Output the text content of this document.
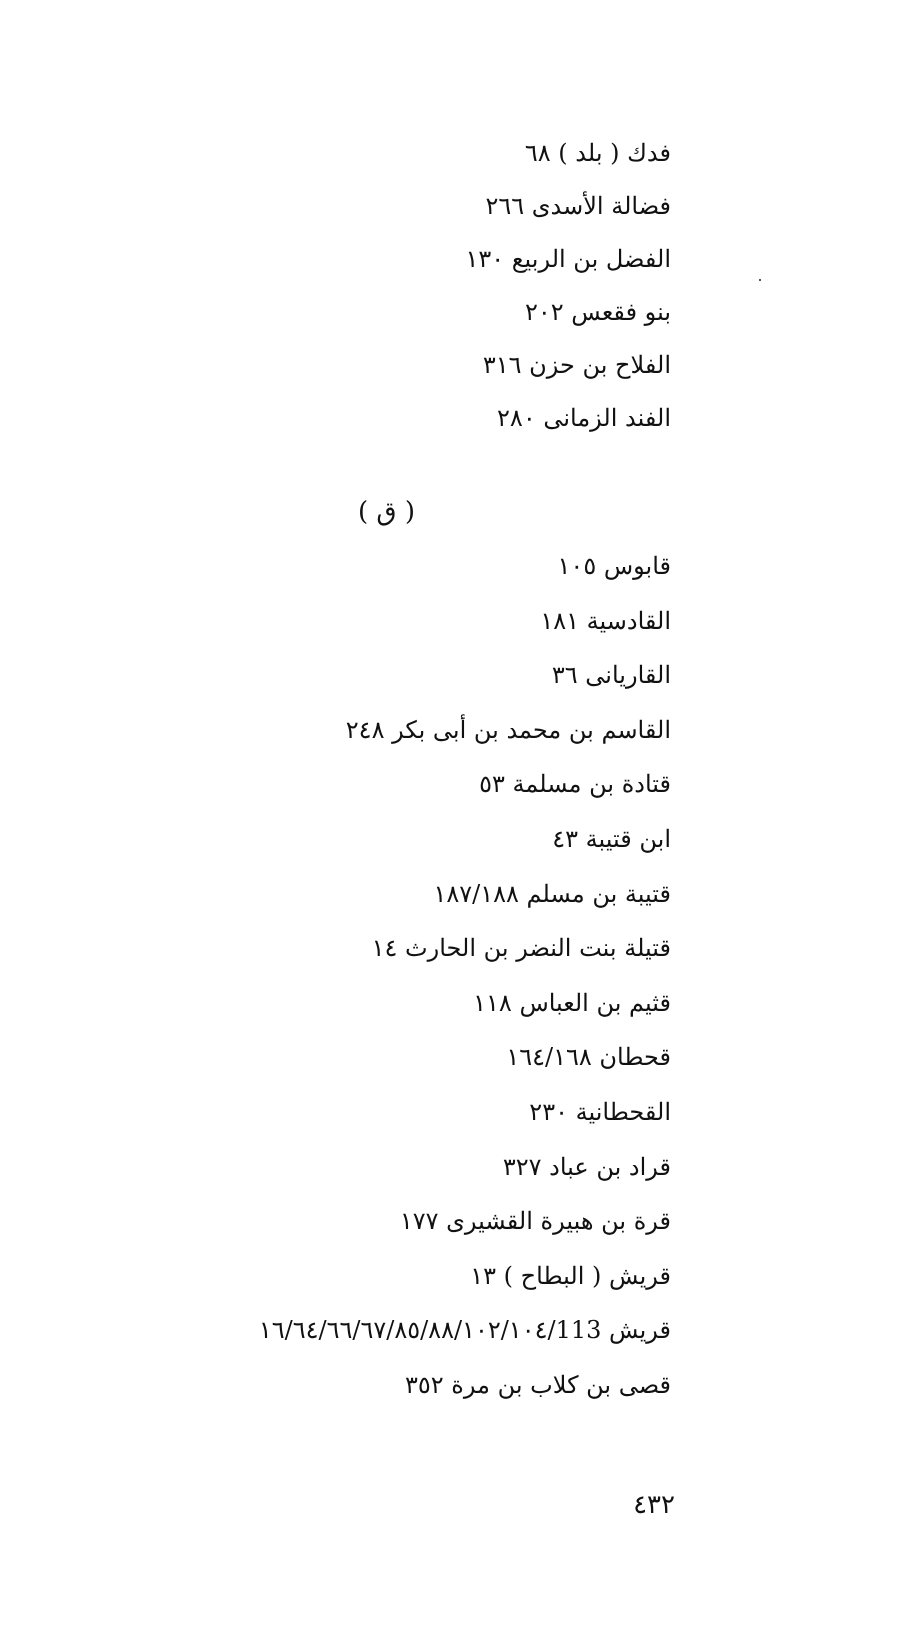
فدك ( بلد ) ٦٨
فضالة الأسدى ٢٦٦
الفضل بن الربيع ١٣٠
بنو فقعس ٢٠٢
الفلاح بن حزن ٣١٦
الفند الزمانى ٢٨٠
( ق )
قابوس ١٠٥
القادسية ١٨١
القاريانى ٣٦
القاسم بن محمد بن أبى بكر ٢٤٨
قتادة بن مسلمة ٥٣
ابن قتيبة ٤٣
قتيبة بن مسلم ١٨٧/١٨٨
قتيلة بنت النضر بن الحارث ١٤
قثيم بن العباس ١١٨
قحطان ١٦٤/١٦٨
القحطانية ٢٣٠
قراد بن عباد ٣٢٧
قرة بن هبيرة القشيرى ١٧٧
قريش ( البطاح ) ١٣
قريش ١٦/٦٤/٦٦/٦٧/٨٥/٨٨/١٠٢/١٠٤/113
قصى بن كلاب بن مرة ٣٥٢
٤٣٢
